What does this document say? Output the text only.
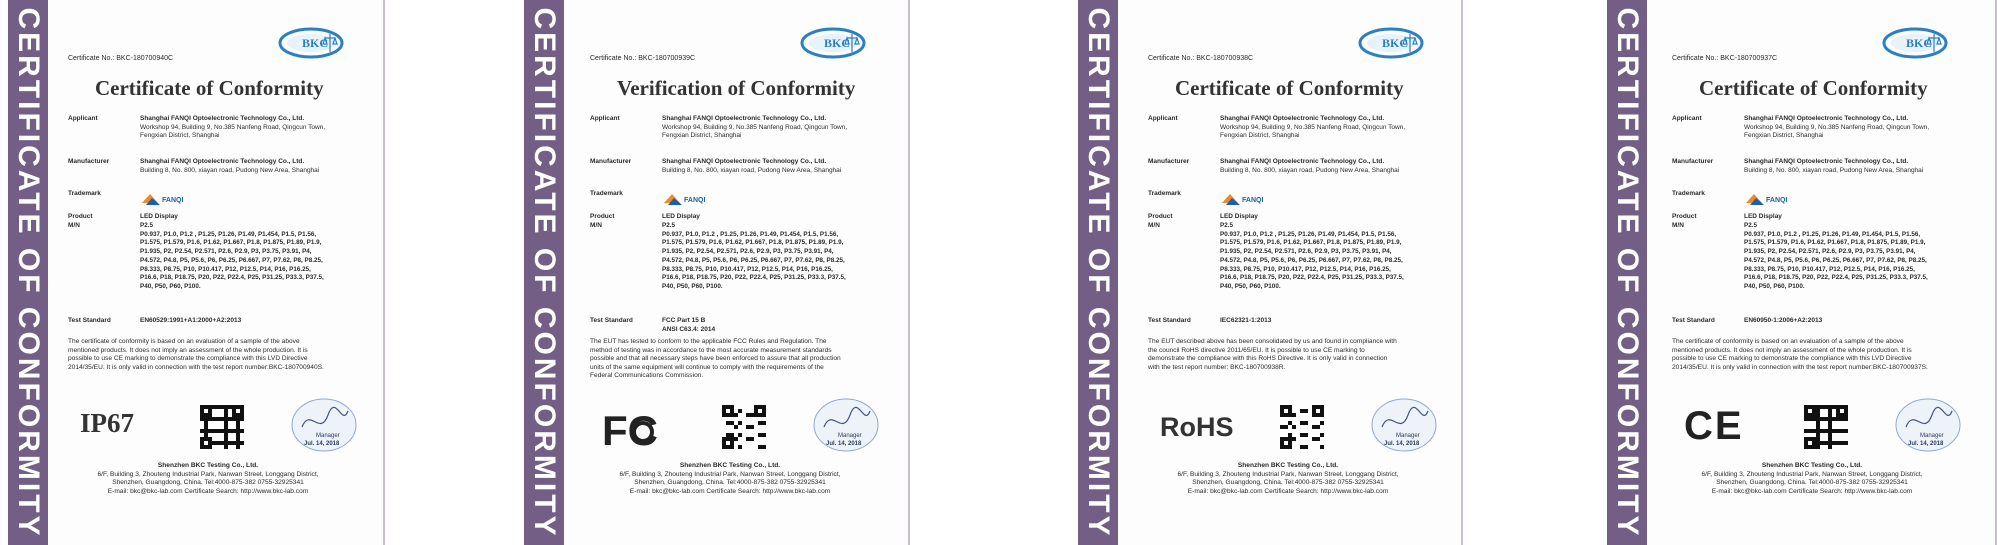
CERTIFICATE OF CONFORMITY	Certificate No.: BKC-180700940C
BKC
Certificate of Conformity
Applicant	Shanghai FANQI Optoelectronic Technology Co., Ltd.
Workshop 94, Building 9, No.385 Nanfeng Road, Qingcun Town,
Fengxian District, Shanghai
Manufacturer	Shanghai FANQI Optoelectronic Technology Co., Ltd.
Building 8, No. 800, xiayan road, Pudong New Area, Shanghai
Trademark
FANQI
Product	LED Display
M/N	P2.5
P0.937, P1.0, P1.2 , P1.25, P1.26, P1.49, P1.454, P1.5, P1.56,
P1.575, P1.579, P1.6, P1.62, P1.667, P1.8, P1.875, P1.89, P1.9,
P1.935, P2, P2.54, P2.571, P2.6, P2.9, P3, P3.75, P3.91, P4,
P4.572, P4.8, P5, P5.6, P6, P6.25, P6.667, P7, P7.62, P8, P8.25,
P8.333, P8.75, P10, P10.417, P12, P12.5, P14, P16, P16.25,
P16.6, P18, P18.75, P20, P22, P22.4, P25, P31.25, P33.3, P37.5,
P40, P50, P60, P100.
Test Standard	EN60529:1991+A1:2000+A2:2013
The certificate of conformity is based on an evaluation of a sample of the above
mentioned products. It does not imply an assessment of the whole production. It is
possible to use CE marking to demonstrate the compliance with this LVD Directive
2014/35/EU. It is only valid in connection with the test report number:BKC-180700940S.
IP67	Manager
Jul. 14, 2018
Shenzhen BKC Testing Co., Ltd.
6/F, Building 3, Zhouteng Industrial Park, Nanwan Street, Longgang District,
Shenzhen, Guangdong, China. Tel:4000-875-382 0755-32925341
E-mail: bkc@bkc-lab.com Certificate Search: http://www.bkc-lab.com	CERTIFICATE OF CONFORMITY	Certificate No.: BKC-180700939C
BKC
Verification of Conformity
Applicant	Shanghai FANQI Optoelectronic Technology Co., Ltd.
Workshop 94, Building 9, No.385 Nanfeng Road, Qingcun Town,
Fengxian District, Shanghai
Manufacturer	Shanghai FANQI Optoelectronic Technology Co., Ltd.
Building 8, No. 800, xiayan road, Pudong New Area, Shanghai
Trademark
FANQI
Product	LED Display
M/N	P2.5
P0.937, P1.0, P1.2 , P1.25, P1.26, P1.49, P1.454, P1.5, P1.56,
P1.575, P1.579, P1.6, P1.62, P1.667, P1.8, P1.875, P1.89, P1.9,
P1.935, P2, P2.54, P2.571, P2.6, P2.9, P3, P3.75, P3.91, P4,
P4.572, P4.8, P5, P5.6, P6, P6.25, P6.667, P7, P7.62, P8, P8.25,
P8.333, P8.75, P10, P10.417, P12, P12.5, P14, P16, P16.25,
P16.6, P18, P18.75, P20, P22, P22.4, P25, P31.25, P33.3, P37.5,
P40, P50, P60, P100.
Test Standard	FCC Part 15 B
ANSI C63.4: 2014
The EUT has tested to conform to the applicable FCC Rules and Regulation. The
method of testing was in accordance to the most accurate measurement standards
possible and that all necessary steps have been enforced to assure that all production
units of the same equipment will continue to comply with the requirements of the
Federal Communications Commission.
FC	Manager
Jul. 14, 2018
Shenzhen BKC Testing Co., Ltd.
6/F, Building 3, Zhouteng Industrial Park, Nanwan Street, Longgang District,
Shenzhen, Guangdong, China. Tel:4000-875-382 0755-32925341
E-mail: bkc@bkc-lab.com Certificate Search: http://www.bkc-lab.com	CERTIFICATE OF CONFORMITY	Certificate No.: BKC-180700938C
BKC
Certificate of Conformity
Applicant	Shanghai FANQI Optoelectronic Technology Co., Ltd.
Workshop 94, Building 9, No.385 Nanfeng Road, Qingcun Town,
Fengxian District, Shanghai
Manufacturer	Shanghai FANQI Optoelectronic Technology Co., Ltd.
Building 8, No. 800, xiayan road, Pudong New Area, Shanghai
Trademark
FANQI
Product	LED Display
M/N	P2.5
P0.937, P1.0, P1.2 , P1.25, P1.26, P1.49, P1.454, P1.5, P1.56,
P1.575, P1.579, P1.6, P1.62, P1.667, P1.8, P1.875, P1.89, P1.9,
P1.935, P2, P2.54, P2.571, P2.6, P2.9, P3, P3.75, P3.91, P4,
P4.572, P4.8, P5, P5.6, P6, P6.25, P6.667, P7, P7.62, P8, P8.25,
P8.333, P8.75, P10, P10.417, P12, P12.5, P14, P16, P16.25,
P16.6, P18, P18.75, P20, P22, P22.4, P25, P31.25, P33.3, P37.5,
P40, P50, P60, P100.
Test Standard	IEC62321-1:2013
The EUT described above has been consolidated by us and found in compliance with
the council RoHS directive 2011/65/EU. It is possible to use CE marking to
demonstrate the compliance with this RoHS Directive. It is only valid in connection
with the test report number: BKC-180700938R.
RoHS	Manager
Jul. 14, 2018
Shenzhen BKC Testing Co., Ltd.
6/F, Building 3, Zhouteng Industrial Park, Nanwan Street, Longgang District,
Shenzhen, Guangdong, China. Tel:4000-875-382 0755-32925341
E-mail: bkc@bkc-lab.com Certificate Search: http://www.bkc-lab.com	CERTIFICATE OF CONFORMITY	Certificate No.: BKC-180700937C
BKC
Certificate of Conformity
Applicant	Shanghai FANQI Optoelectronic Technology Co., Ltd.
Workshop 94, Building 9, No.385 Nanfeng Road, Qingcun Town,
Fengxian District, Shanghai
Manufacturer	Shanghai FANQI Optoelectronic Technology Co., Ltd.
Building 8, No. 800, xiayan road, Pudong New Area, Shanghai
Trademark
FANQI
Product	LED Display
M/N	P2.5
P0.937, P1.0, P1.2 , P1.25, P1.26, P1.49, P1.454, P1.5, P1.56,
P1.575, P1.579, P1.6, P1.62, P1.667, P1.8, P1.875, P1.89, P1.9,
P1.935, P2, P2.54, P2.571, P2.6, P2.9, P3, P3.75, P3.91, P4,
P4.572, P4.8, P5, P5.6, P6, P6.25, P6.667, P7, P7.62, P8, P8.25,
P8.333, P8.75, P10, P10.417, P12, P12.5, P14, P16, P16.25,
P16.6, P18, P18.75, P20, P22, P22.4, P25, P31.25, P33.3, P37.5,
P40, P50, P60, P100.
Test Standard	EN60950-1:2006+A2:2013
The certificate of conformity is based on an evaluation of a sample of the above
mentioned products. It does not imply an assessment of the whole production. It is
possible to use CE marking to demonstrate the compliance with this LVD Directive
2014/35/EU. It is only valid in connection with the test report number:BKC-180700937S.
CE	Manager
Jul. 14, 2018
Shenzhen BKC Testing Co., Ltd.
6/F, Building 3, Zhouteng Industrial Park, Nanwan Street, Longgang District,
Shenzhen, Guangdong, China. Tel:4000-875-382 0755-32925341
E-mail: bkc@bkc-lab.com Certificate Search: http://www.bkc-lab.com
